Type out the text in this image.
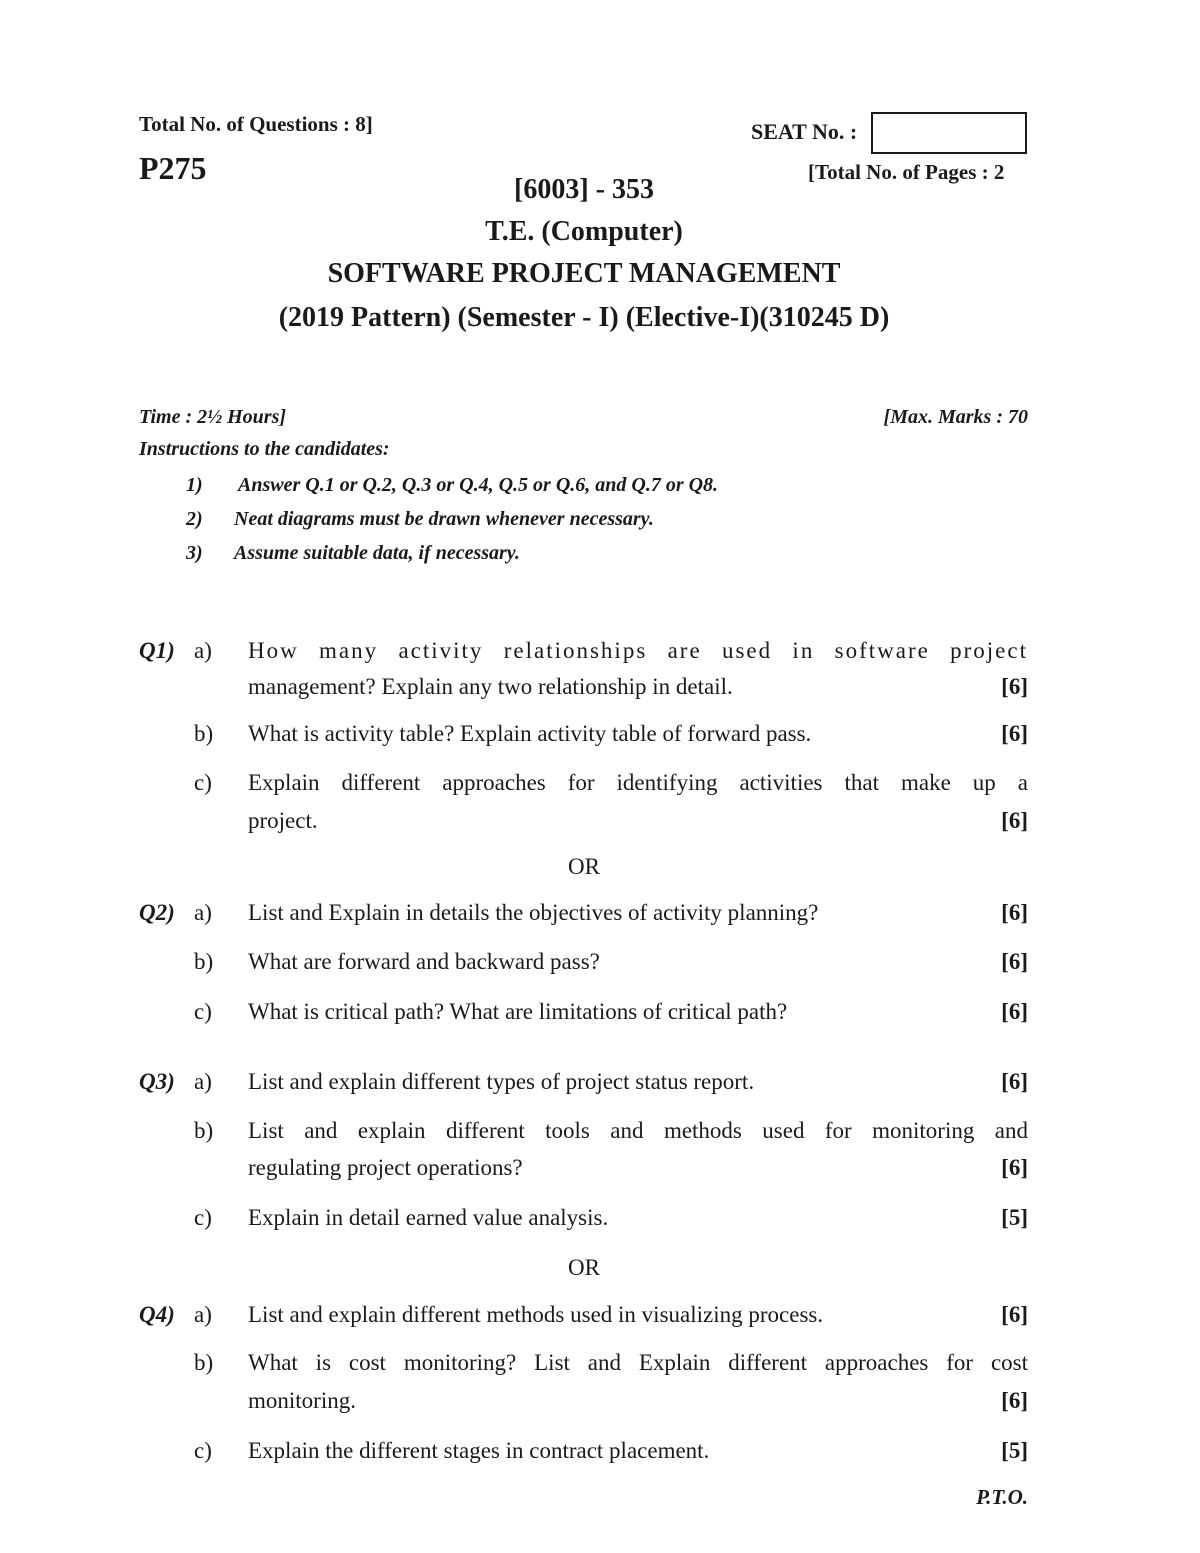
Total No. of Questions : 8]
P275
SEAT No. :
[Total No. of Pages : 2
[6003] - 353
T.E. (Computer)
SOFTWARE PROJECT MANAGEMENT
(2019 Pattern) (Semester - I) (Elective-I)(310245 D)
Time : 2½ Hours]	[Max. Marks : 70
Instructions to the candidates:
1) Answer Q.1 or Q.2, Q.3 or Q.4, Q.5 or Q.6, and Q.7 or Q8.
2) Neat diagrams must be drawn whenever necessary.
3) Assume suitable data, if necessary.
Q1) a) How many activity relationships are used in software project
management? Explain any two relationship in detail.	[6]
b) What is activity table? Explain activity table of forward pass.	[6]
c) Explain different approaches for identifying activities that make up a
project.	[6]
OR
Q2) a) List and Explain in details the objectives of activity planning?	[6]
b) What are forward and backward pass?	[6]
c) What is critical path? What are limitations of critical path?	[6]
Q3) a) List and explain different types of project status report.	[6]
b) List and explain different tools and methods used for monitoring and
regulating project operations?	[6]
c) Explain in detail earned value analysis.	[5]
OR
Q4) a) List and explain different methods used in visualizing process.	[6]
b) What is cost monitoring? List and Explain different approaches for cost
monitoring.	[6]
c) Explain the different stages in contract placement.	[5]
P.T.O.
